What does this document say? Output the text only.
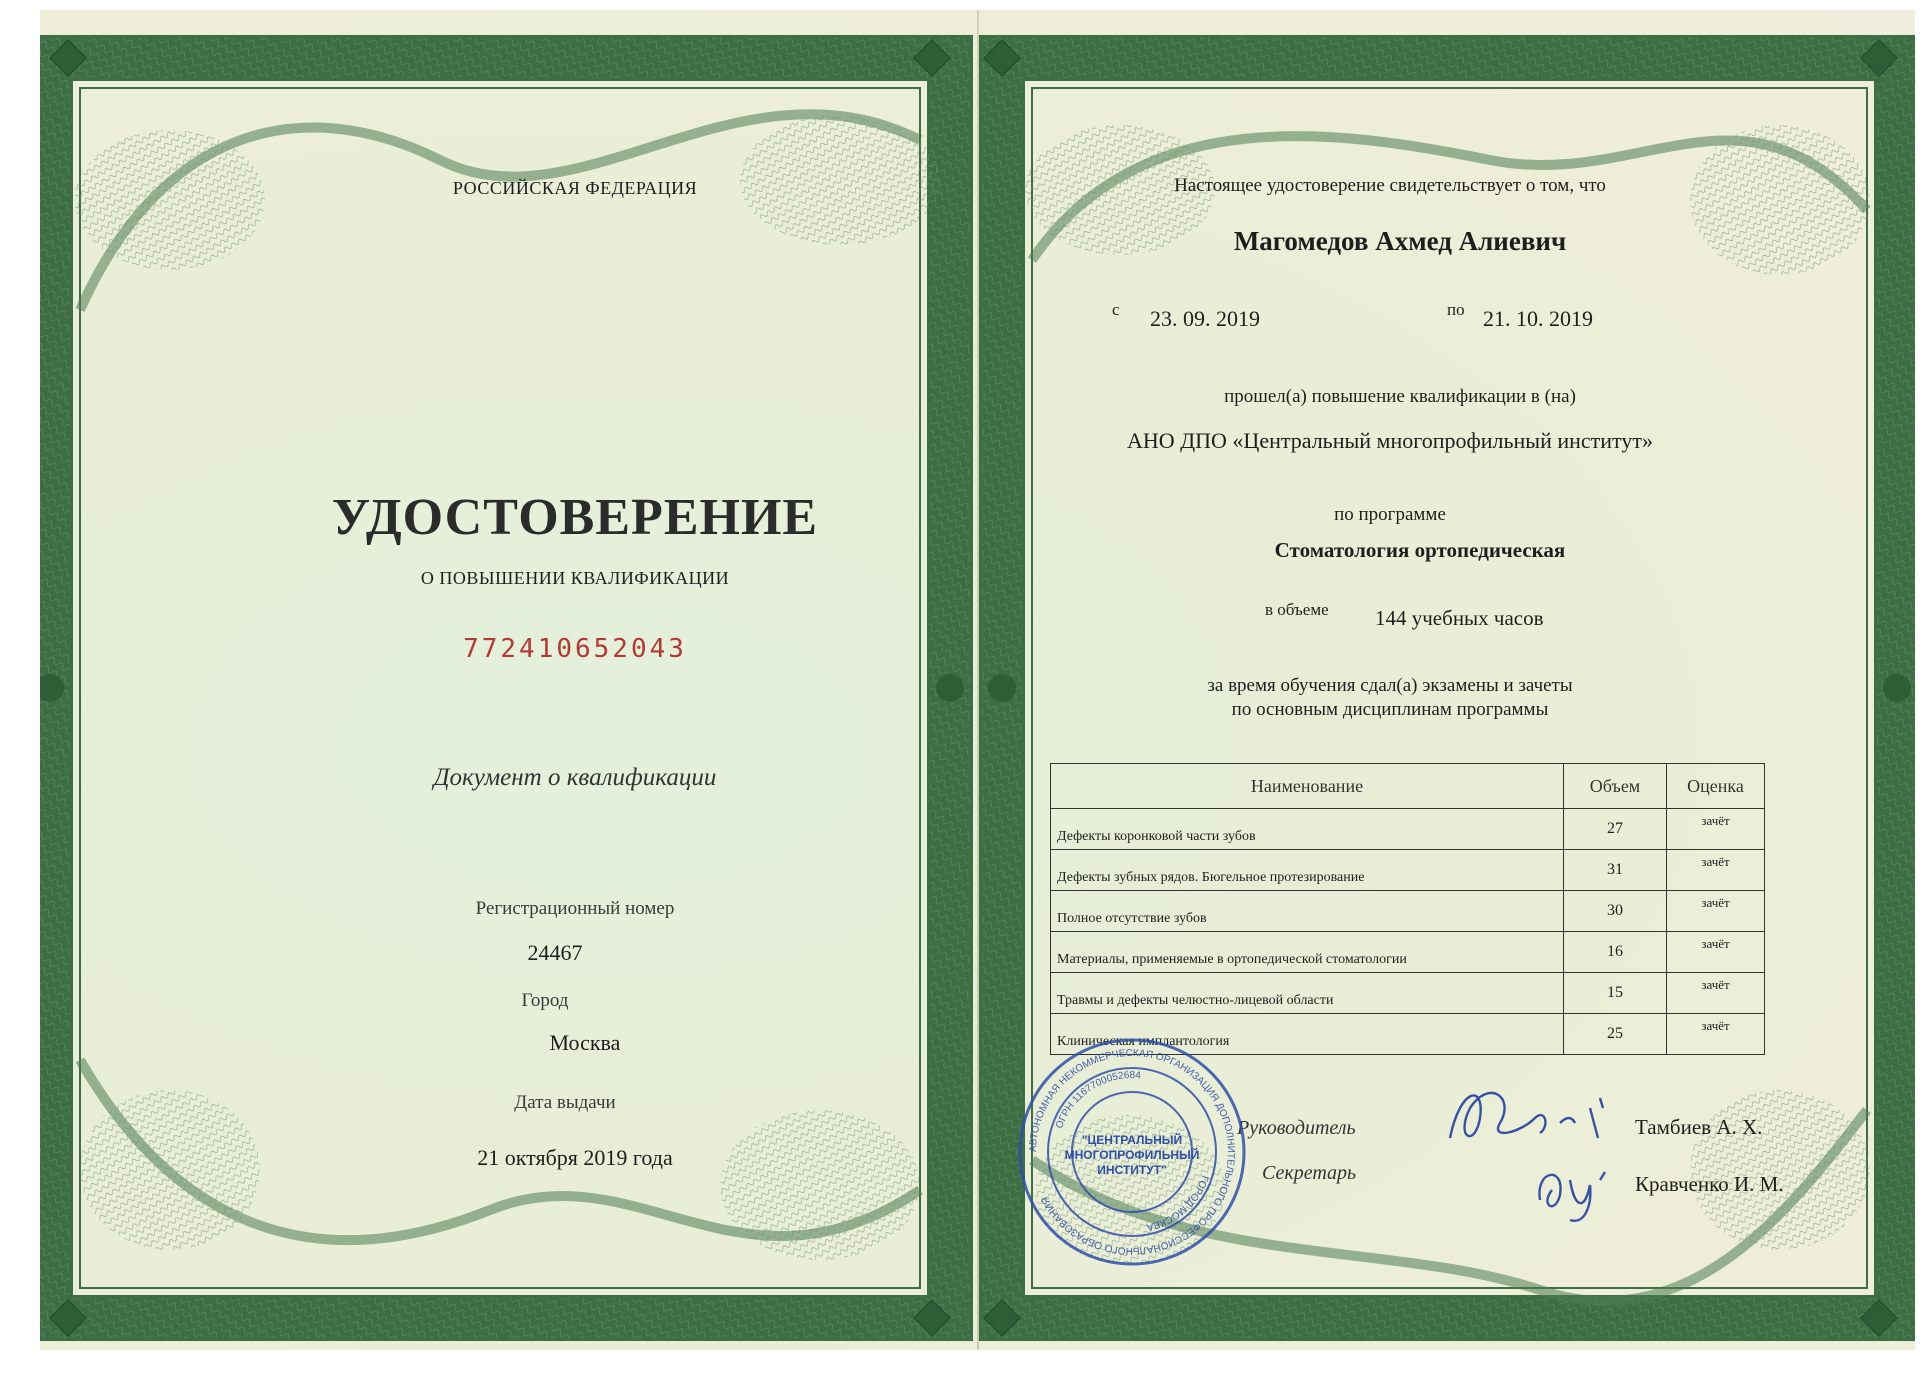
РОССИЙСКАЯ ФЕДЕРАЦИЯ
УДОСТОВЕРЕНИЕ
О ПОВЫШЕНИИ КВАЛИФИКАЦИИ
772410652043
Документ о квалификации
Регистрационный номер
24467
Город
Москва
Дата выдачи
21 октября 2019 года
Настоящее удостоверение свидетельствует о том, что
Магомедов Ахмед Алиевич
с 23. 09. 2019	по 21. 10. 2019
прошел(а) повышение квалификации в (на)
АНО ДПО «Центральный многопрофильный институт»
по программе
Стоматология ортопедическая
в объеме 144 учебных часов
за время обучения сдал(а) экзамены и зачеты
по основным дисциплинам программы
Наименование	Объем	Оценка
Дефекты коронковой части зубов	27	зачёт
Дефекты зубных рядов. Бюгельное протезирование	31	зачёт
Полное отсутствие зубов	30	зачёт
Материалы, применяемые в ортопедической стоматологии	16	зачёт
Травмы и дефекты челюстно-лицевой области	15	зачёт
Клиническая имплантология	25	зачёт
Руководитель
Секретарь
Тамбиев А. Х.
Кравченко И. М.
АВТОНОМНАЯ НЕКОММЕРЧЕСКАЯ ОРГАНИЗАЦИЯ ДОПОЛНИТЕЛЬНОГО ПРОФЕССИОНАЛЬНОГО ОБРАЗОВАНИЯ
ОГРН 1167700052684
ГОРОД МОСКВА
"ЦЕНТРАЛЬНЫЙ
МНОГОПРОФИЛЬНЫЙ
ИНСТИТУТ"
